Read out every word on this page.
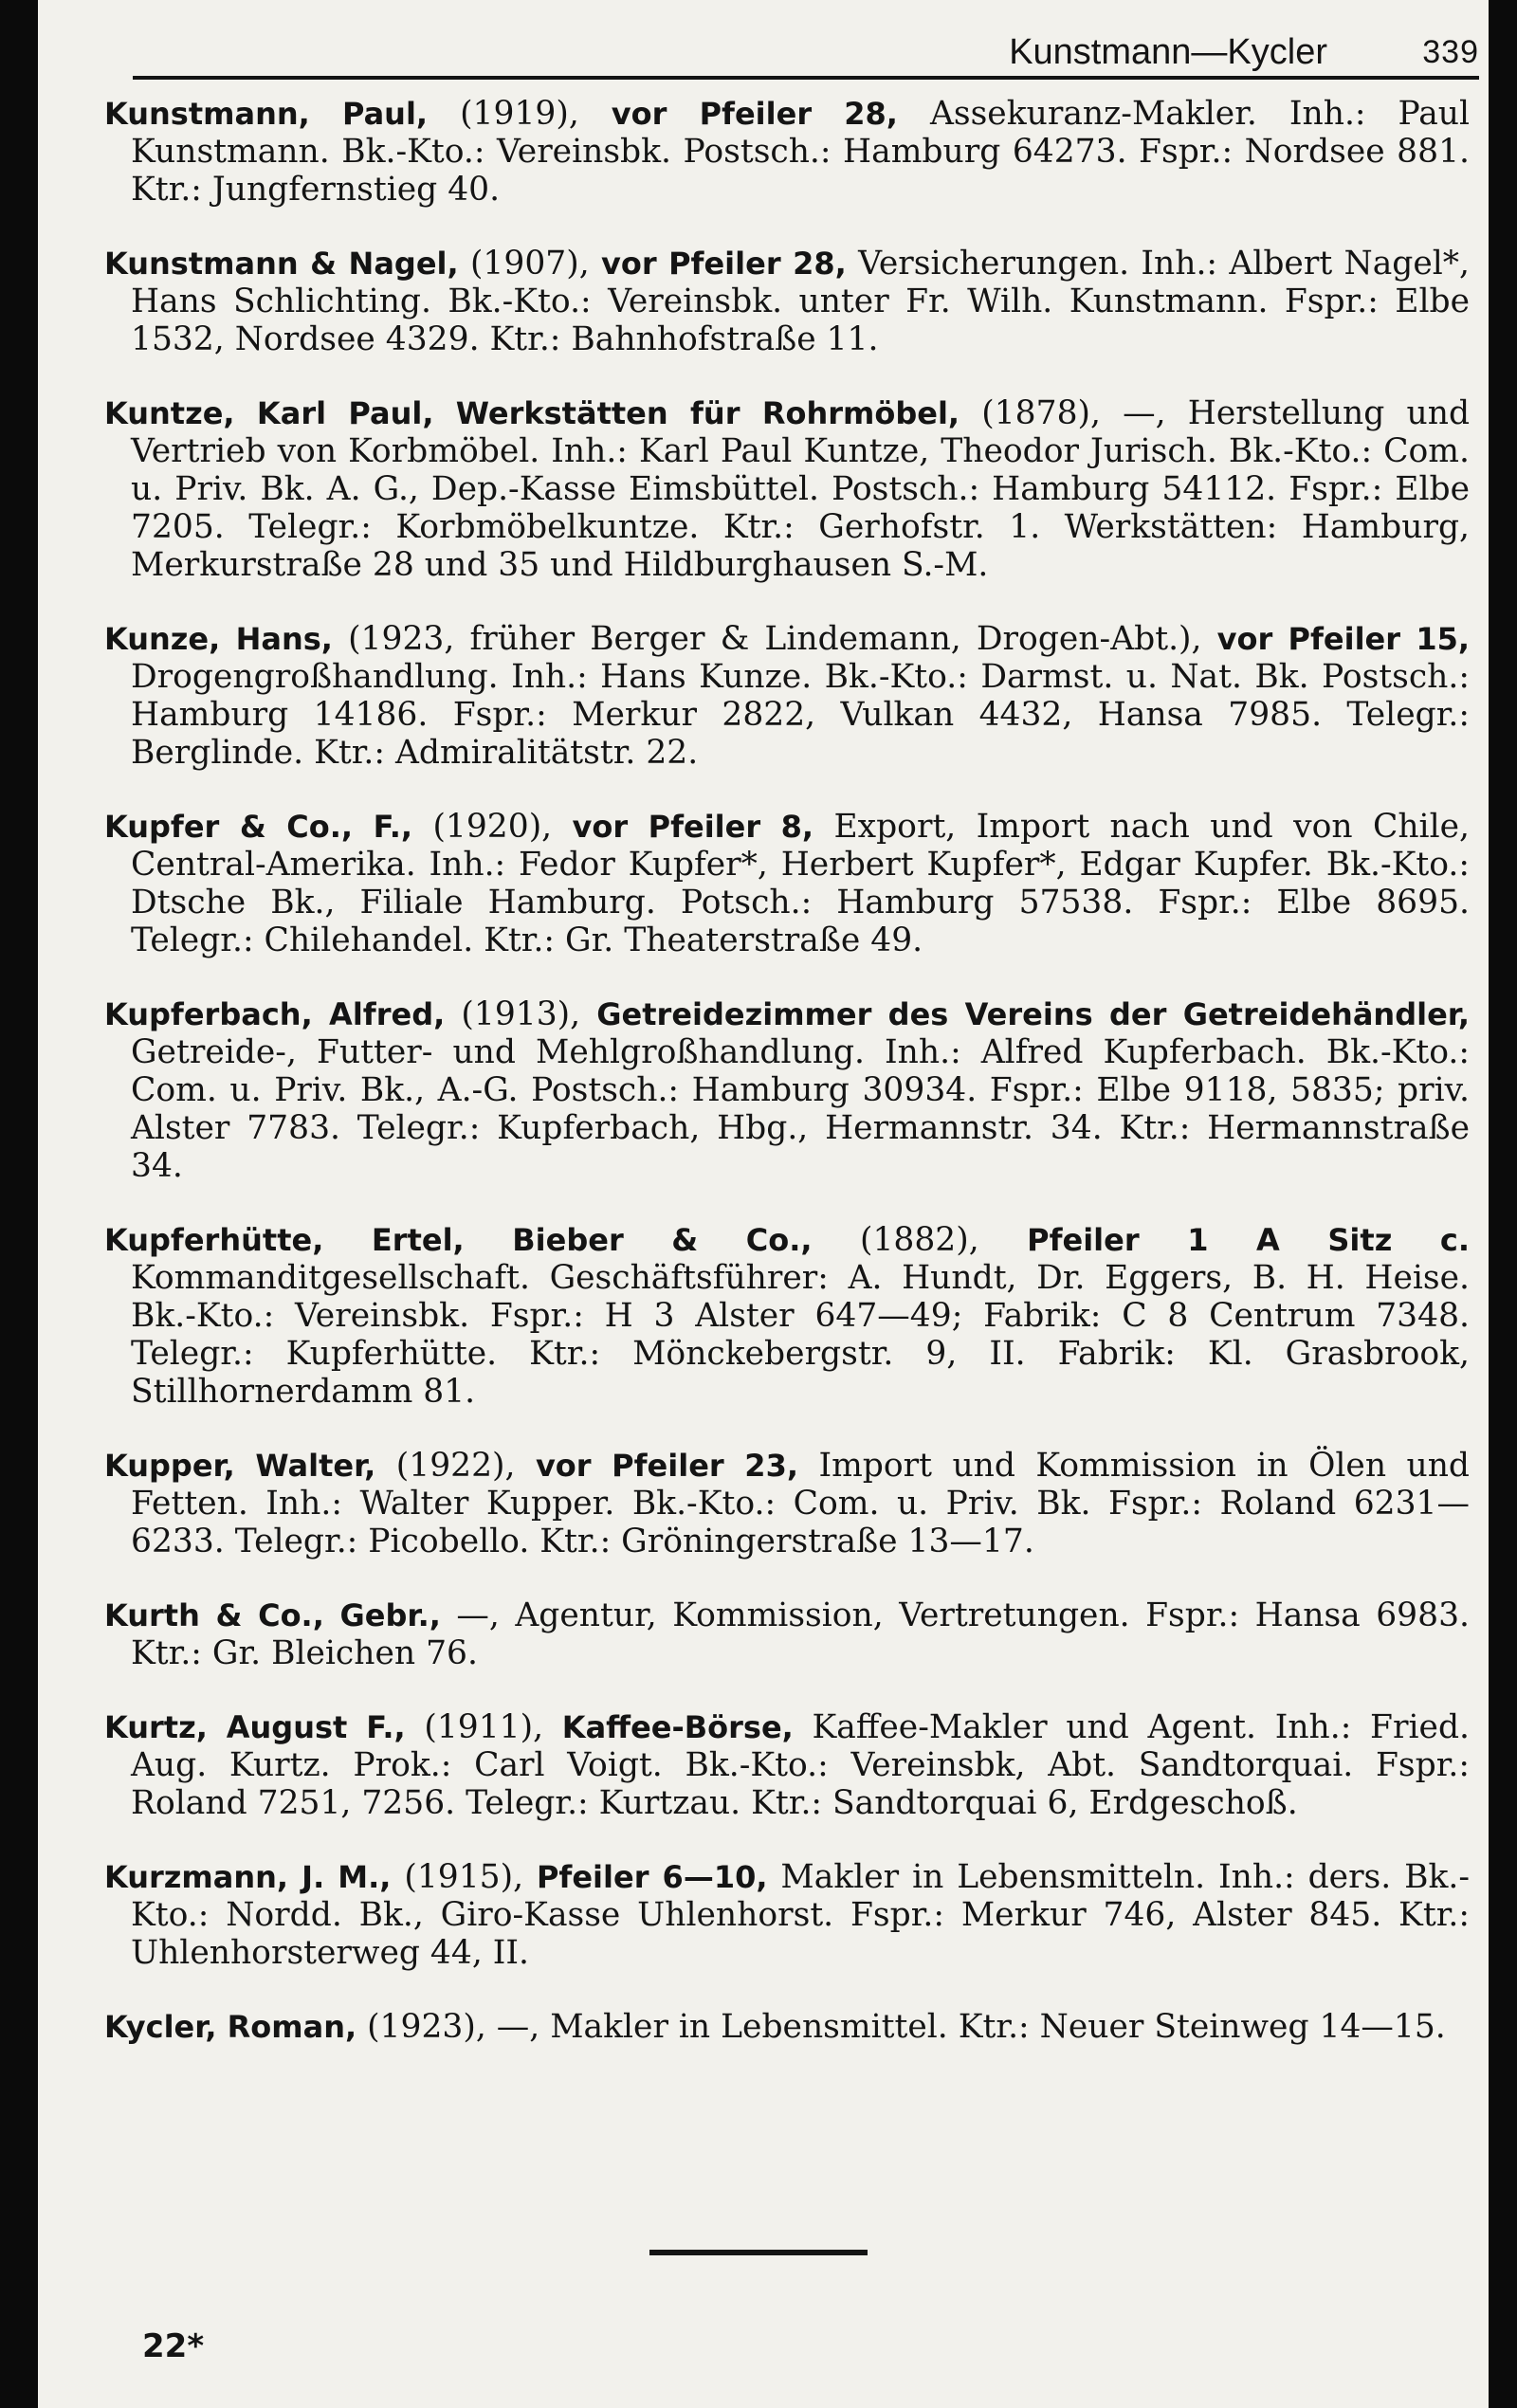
Kunstmann—Kycler	339
Kunstmann, Paul, (1919), vor Pfeiler 28, Assekuranz-Makler. Inh.: Paul Kunstmann. Bk.-Kto.: Vereinsbk. Postsch.: Hamburg 64273. Fspr.: Nordsee 881. Ktr.: Jungfernstieg 40.
Kunstmann & Nagel, (1907), vor Pfeiler 28, Versicherungen. Inh.: Albert Nagel*, Hans Schlichting. Bk.-Kto.: Vereinsbk. unter Fr. Wilh. Kunstmann. Fspr.: Elbe 1532, Nordsee 4329. Ktr.: Bahnhofstraße 11.
Kuntze, Karl Paul, Werkstätten für Rohrmöbel, (1878), —, Herstellung und Vertrieb von Korbmöbel. Inh.: Karl Paul Kuntze, Theodor Jurisch. Bk.-Kto.: Com. u. Priv. Bk. A. G., Dep.-Kasse Eimsbüttel. Postsch.: Hamburg 54112. Fspr.: Elbe 7205. Telegr.: Korbmöbelkuntze. Ktr.: Gerhofstr. 1. Werkstätten: Hamburg, Merkurstraße 28 und 35 und Hildburghausen S.-M.
Kunze, Hans, (1923, früher Berger & Lindemann, Drogen-Abt.), vor Pfeiler 15, Drogengroßhandlung. Inh.: Hans Kunze. Bk.-Kto.: Darmst. u. Nat. Bk. Postsch.: Hamburg 14186. Fspr.: Merkur 2822, Vulkan 4432, Hansa 7985. Telegr.: Berglinde. Ktr.: Admiralitätstr. 22.
Kupfer & Co., F., (1920), vor Pfeiler 8, Export, Import nach und von Chile, Central-Amerika. Inh.: Fedor Kupfer*, Herbert Kupfer*, Edgar Kupfer. Bk.-Kto.: Dtsche Bk., Filiale Hamburg. Potsch.: Hamburg 57538. Fspr.: Elbe 8695. Telegr.: Chilehandel. Ktr.: Gr. Theaterstraße 49.
Kupferbach, Alfred, (1913), Getreidezimmer des Vereins der Getreidehändler, Getreide-, Futter- und Mehlgroßhandlung. Inh.: Alfred Kupferbach. Bk.-Kto.: Com. u. Priv. Bk., A.-G. Postsch.: Hamburg 30934. Fspr.: Elbe 9118, 5835; priv. Alster 7783. Telegr.: Kupferbach, Hbg., Hermannstr. 34. Ktr.: Hermannstraße 34.
Kupferhütte, Ertel, Bieber & Co., (1882), Pfeiler 1 A Sitz c. Kommanditgesellschaft. Geschäftsführer: A. Hundt, Dr. Eggers, B. H. Heise. Bk.-Kto.: Vereinsbk. Fspr.: H 3 Alster 647—49; Fabrik: C 8 Centrum 7348. Telegr.: Kupferhütte. Ktr.: Mönckebergstr. 9, II. Fabrik: Kl. Grasbrook, Stillhornerdamm 81.
Kupper, Walter, (1922), vor Pfeiler 23, Import und Kommission in Ölen und Fetten. Inh.: Walter Kupper. Bk.-Kto.: Com. u. Priv. Bk. Fspr.: Roland 6231—6233. Telegr.: Picobello. Ktr.: Gröningerstraße 13—17.
Kurth & Co., Gebr., —, Agentur, Kommission, Vertretungen. Fspr.: Hansa 6983. Ktr.: Gr. Bleichen 76.
Kurtz, August F., (1911), Kaffee-Börse, Kaffee-Makler und Agent. Inh.: Fried. Aug. Kurtz. Prok.: Carl Voigt. Bk.-Kto.: Vereinsbk, Abt. Sandtorquai. Fspr.: Roland 7251, 7256. Telegr.: Kurtzau. Ktr.: Sandtorquai 6, Erdgeschoß.
Kurzmann, J. M., (1915), Pfeiler 6—10, Makler in Lebensmitteln. Inh.: ders. Bk.-Kto.: Nordd. Bk., Giro-Kasse Uhlenhorst. Fspr.: Merkur 746, Alster 845. Ktr.: Uhlenhorsterweg 44, II.
Kycler, Roman, (1923), —, Makler in Lebensmittel. Ktr.: Neuer Steinweg 14—15.
22*
